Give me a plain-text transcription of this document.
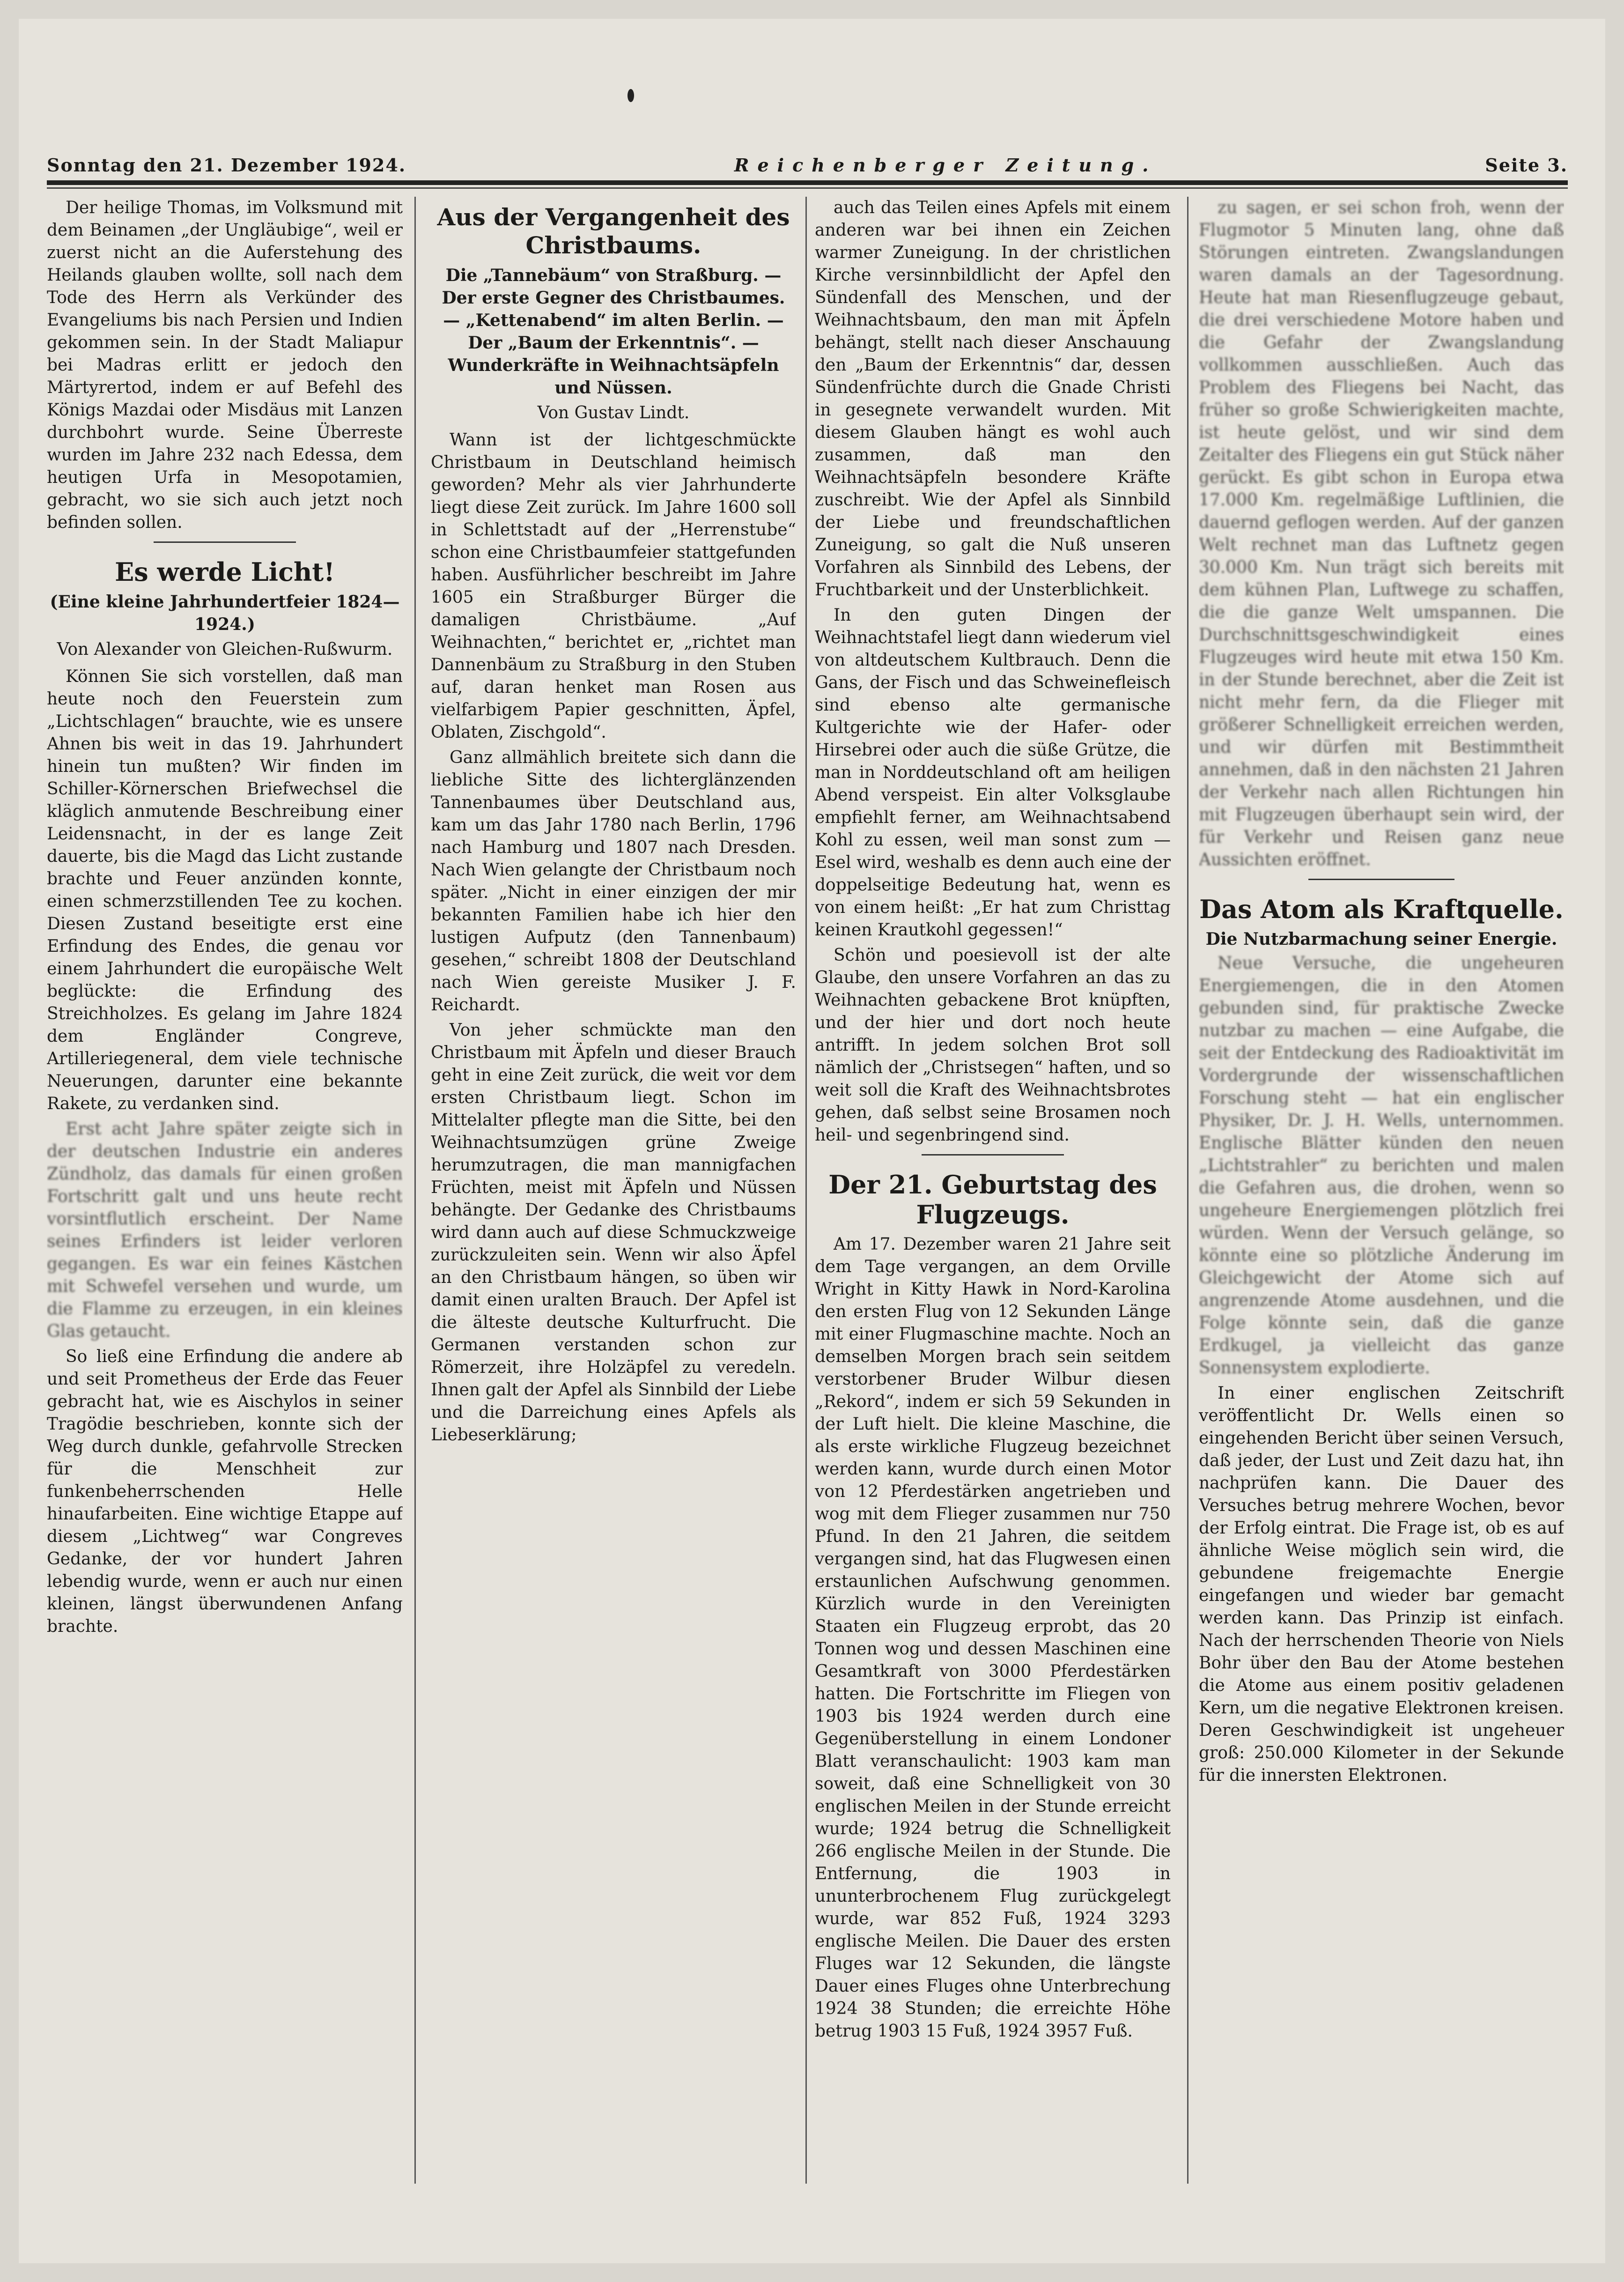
Sonntag den 21. Dezember 1924.	Reichenberger Zeitung.	Seite 3.

Der heilige Thomas, im Volksmund mit dem Beinamen „der Ungläubige“, weil er zuerst nicht an die Auferstehung des Heilands glauben wollte, soll nach dem Tode des Herrn als Verkünder des Evangeliums bis nach Persien und Indien gekommen sein. In der Stadt Maliapur bei Madras erlitt er jedoch den Märtyrertod, indem er auf Befehl des Königs Mazdai oder Misdäus mit Lanzen durchbohrt wurde. Seine Überreste wurden im Jahre 232 nach Edessa, dem heutigen Urfa in Mesopotamien, gebracht, wo sie sich auch jetzt noch befinden sollen.

Es werde Licht!
(Eine kleine Jahrhundertfeier 1824—1924.)
Von Alexander von Gleichen-Rußwurm.

Können Sie sich vorstellen, daß man heute noch den Feuerstein zum „Lichtschlagen“ brauchte, wie es unsere Ahnen bis weit in das 19. Jahrhundert hinein tun mußten? Wir finden im Schiller-Körnerschen Briefwechsel die kläglich anmutende Beschreibung einer Leidensnacht, in der es lange Zeit dauerte, bis die Magd das Licht zustande brachte und Feuer anzünden konnte, einen schmerzstillenden Tee zu kochen. Diesen Zustand beseitigte erst eine Erfindung des Endes, die genau vor einem Jahrhundert die europäische Welt beglückte: die Erfindung des Streichholzes. Es gelang im Jahre 1824 dem Engländer Congreve, Artilleriegeneral, dem viele technische Neuerungen, darunter eine bekannte Rakete, zu verdanken sind.

Erst acht Jahre später zeigte sich in der deutschen Industrie ein anderes Zündholz, das damals für einen großen Fortschritt galt und uns heute recht vorsintflutlich erscheint. Der Name seines Erfinders ist leider verloren gegangen. Es war ein feines Kästchen mit Schwefel versehen und wurde, um die Flamme zu erzeugen, in ein kleines Glas getaucht.

So ließ eine Erfindung die andere ab und seit Prometheus der Erde das Feuer gebracht hat, wie es Aischylos in seiner Tragödie beschrieben, konnte sich der Weg durch dunkle, gefahrvolle Strecken für die Menschheit zur funkenbeherrschenden Helle hinaufarbeiten. Eine wichtige Etappe auf diesem „Lichtweg“ war Congreves Gedanke, der vor hundert Jahren lebendig wurde, wenn er auch nur einen kleinen, längst überwundenen Anfang brachte.

Aus der Vergangenheit des Christbaums.
Die „Tannebäum“ von Straßburg. — Der erste Gegner des Christbaumes. — „Kettenabend“ im alten Berlin. — Der „Baum der Erkenntnis“. — Wunderkräfte in Weihnachtsäpfeln und Nüssen.
Von Gustav Lindt.

Wann ist der lichtgeschmückte Christbaum in Deutschland heimisch geworden? Mehr als vier Jahrhunderte liegt diese Zeit zurück. Im Jahre 1600 soll in Schlettstadt auf der „Herrenstube“ schon eine Christbaumfeier stattgefunden haben. Ausführlicher beschreibt im Jahre 1605 ein Straßburger Bürger die damaligen Christbäume. „Auf Weihnachten,“ berichtet er, „richtet man Dannenbäum zu Straßburg in den Stuben auf, daran henket man Rosen aus vielfarbigem Papier geschnitten, Äpfel, Oblaten, Zischgold“.

Ganz allmählich breitete sich dann die liebliche Sitte des lichterglänzenden Tannenbaumes über Deutschland aus, kam um das Jahr 1780 nach Berlin, 1796 nach Hamburg und 1807 nach Dresden. Nach Wien gelangte der Christbaum noch später. „Nicht in einer einzigen der mir bekannten Familien habe ich hier den lustigen Aufputz (den Tannenbaum) gesehen,“ schreibt 1808 der Deutschland nach Wien gereiste Musiker J. F. Reichardt.

Von jeher schmückte man den Christbaum mit Äpfeln und dieser Brauch geht in eine Zeit zurück, die weit vor dem ersten Christbaum liegt. Schon im Mittelalter pflegte man die Sitte, bei den Weihnachtsumzügen grüne Zweige herumzutragen, die man mannigfachen Früchten, meist mit Äpfeln und Nüssen behängte. Der Gedanke des Christbaums wird dann auch auf diese Schmuckzweige zurückzuleiten sein. Wenn wir also Äpfel an den Christbaum hängen, so üben wir damit einen uralten Brauch. Der Apfel ist die älteste deutsche Kulturfrucht. Die Germanen verstanden schon zur Römerzeit, ihre Holzäpfel zu veredeln. Ihnen galt der Apfel als Sinnbild der Liebe und die Darreichung eines Apfels als Liebeserklärung;

auch das Teilen eines Apfels mit einem anderen war bei ihnen ein Zeichen warmer Zuneigung. In der christlichen Kirche versinnbildlicht der Apfel den Sündenfall des Menschen, und der Weihnachtsbaum, den man mit Äpfeln behängt, stellt nach dieser Anschauung den „Baum der Erkenntnis“ dar, dessen Sündenfrüchte durch die Gnade Christi in gesegnete verwandelt wurden. Mit diesem Glauben hängt es wohl auch zusammen, daß man den Weihnachtsäpfeln besondere Kräfte zuschreibt. Wie der Apfel als Sinnbild der Liebe und freundschaftlichen Zuneigung, so galt die Nuß unseren Vorfahren als Sinnbild des Lebens, der Fruchtbarkeit und der Unsterblichkeit.

In den guten Dingen der Weihnachtstafel liegt dann wiederum viel von altdeutschem Kultbrauch. Denn die Gans, der Fisch und das Schweinefleisch sind ebenso alte germanische Kultgerichte wie der Hafer- oder Hirsebrei oder auch die süße Grütze, die man in Norddeutschland oft am heiligen Abend verspeist. Ein alter Volksglaube empfiehlt ferner, am Weihnachtsabend Kohl zu essen, weil man sonst zum — Esel wird, weshalb es denn auch eine der doppelseitige Bedeutung hat, wenn es von einem heißt: „Er hat zum Christtag keinen Krautkohl gegessen!“

Schön und poesievoll ist der alte Glaube, den unsere Vorfahren an das zu Weihnachten gebackene Brot knüpften, und der hier und dort noch heute antrifft. In jedem solchen Brot soll nämlich der „Christsegen“ haften, und so weit soll die Kraft des Weihnachtsbrotes gehen, daß selbst seine Brosamen noch heil- und segenbringend sind.

Der 21. Geburtstag des Flugzeugs.

Am 17. Dezember waren 21 Jahre seit dem Tage vergangen, an dem Orville Wright in Kitty Hawk in Nord-Karolina den ersten Flug von 12 Sekunden Länge mit einer Flugmaschine machte. Noch an demselben Morgen brach sein seitdem verstorbener Bruder Wilbur diesen „Rekord“, indem er sich 59 Sekunden in der Luft hielt. Die kleine Maschine, die als erste wirkliche Flugzeug bezeichnet werden kann, wurde durch einen Motor von 12 Pferdestärken angetrieben und wog mit dem Flieger zusammen nur 750 Pfund. In den 21 Jahren, die seitdem vergangen sind, hat das Flugwesen einen erstaunlichen Aufschwung genommen. Kürzlich wurde in den Vereinigten Staaten ein Flugzeug erprobt, das 20 Tonnen wog und dessen Maschinen eine Gesamtkraft von 3000 Pferdestärken hatten. Die Fortschritte im Fliegen von 1903 bis 1924 werden durch eine Gegenüberstellung in einem Londoner Blatt veranschaulicht: 1903 kam man soweit, daß eine Schnelligkeit von 30 englischen Meilen in der Stunde erreicht wurde; 1924 betrug die Schnelligkeit 266 englische Meilen in der Stunde. Die Entfernung, die 1903 in ununterbrochenem Flug zurückgelegt wurde, war 852 Fuß, 1924 3293 englische Meilen. Die Dauer des ersten Fluges war 12 Sekunden, die längste Dauer eines Fluges ohne Unterbrechung 1924 38 Stunden; die erreichte Höhe betrug 1903 15 Fuß, 1924 3957 Fuß.

zu sagen, er sei schon froh, wenn der Flugmotor 5 Minuten lang, ohne daß Störungen eintreten. Zwangslandungen waren damals an der Tagesordnung. Heute hat man Riesenflugzeuge gebaut, die drei verschiedene Motore haben und die Gefahr der Zwangslandung vollkommen ausschließen. Auch das Problem des Fliegens bei Nacht, das früher so große Schwierigkeiten machte, ist heute gelöst, und wir sind dem Zeitalter des Fliegens ein gut Stück näher gerückt. Es gibt schon in Europa etwa 17.000 Km. regelmäßige Luftlinien, die dauernd geflogen werden. Auf der ganzen Welt rechnet man das Luftnetz gegen 30.000 Km. Nun trägt sich bereits mit dem kühnen Plan, Luftwege zu schaffen, die die ganze Welt umspannen. Die Durchschnittsgeschwindigkeit eines Flugzeuges wird heute mit etwa 150 Km. in der Stunde berechnet, aber die Zeit ist nicht mehr fern, da die Flieger mit größerer Schnelligkeit erreichen werden, und wir dürfen mit Bestimmtheit annehmen, daß in den nächsten 21 Jahren der Verkehr nach allen Richtungen hin mit Flugzeugen überhaupt sein wird, der für Verkehr und Reisen ganz neue Aussichten eröffnet.

Das Atom als Kraftquelle.
Die Nutzbarmachung seiner Energie.

Neue Versuche, die ungeheuren Energiemengen, die in den Atomen gebunden sind, für praktische Zwecke nutzbar zu machen — eine Aufgabe, die seit der Entdeckung des Radioaktivität im Vordergrunde der wissenschaftlichen Forschung steht — hat ein englischer Physiker, Dr. J. H. Wells, unternommen. Englische Blätter künden den neuen „Lichtstrahler“ zu berichten und malen die Gefahren aus, die drohen, wenn so ungeheure Energiemengen plötzlich frei würden. Wenn der Versuch gelänge, so könnte eine so plötzliche Änderung im Gleichgewicht der Atome sich auf angrenzende Atome ausdehnen, und die Folge könnte sein, daß die ganze Erdkugel, ja vielleicht das ganze Sonnensystem explodierte.

In einer englischen Zeitschrift veröffentlicht Dr. Wells einen so eingehenden Bericht über seinen Versuch, daß jeder, der Lust und Zeit dazu hat, ihn nachprüfen kann. Die Dauer des Versuches betrug mehrere Wochen, bevor der Erfolg eintrat. Die Frage ist, ob es auf ähnliche Weise möglich sein wird, die gebundene freigemachte Energie eingefangen und wieder bar gemacht werden kann. Das Prinzip ist einfach. Nach der herrschenden Theorie von Niels Bohr über den Bau der Atome bestehen die Atome aus einem positiv geladenen Kern, um die negative Elektronen kreisen. Deren Geschwindigkeit ist ungeheuer groß: 250.000 Kilometer in der Sekunde für die innersten Elektronen.
